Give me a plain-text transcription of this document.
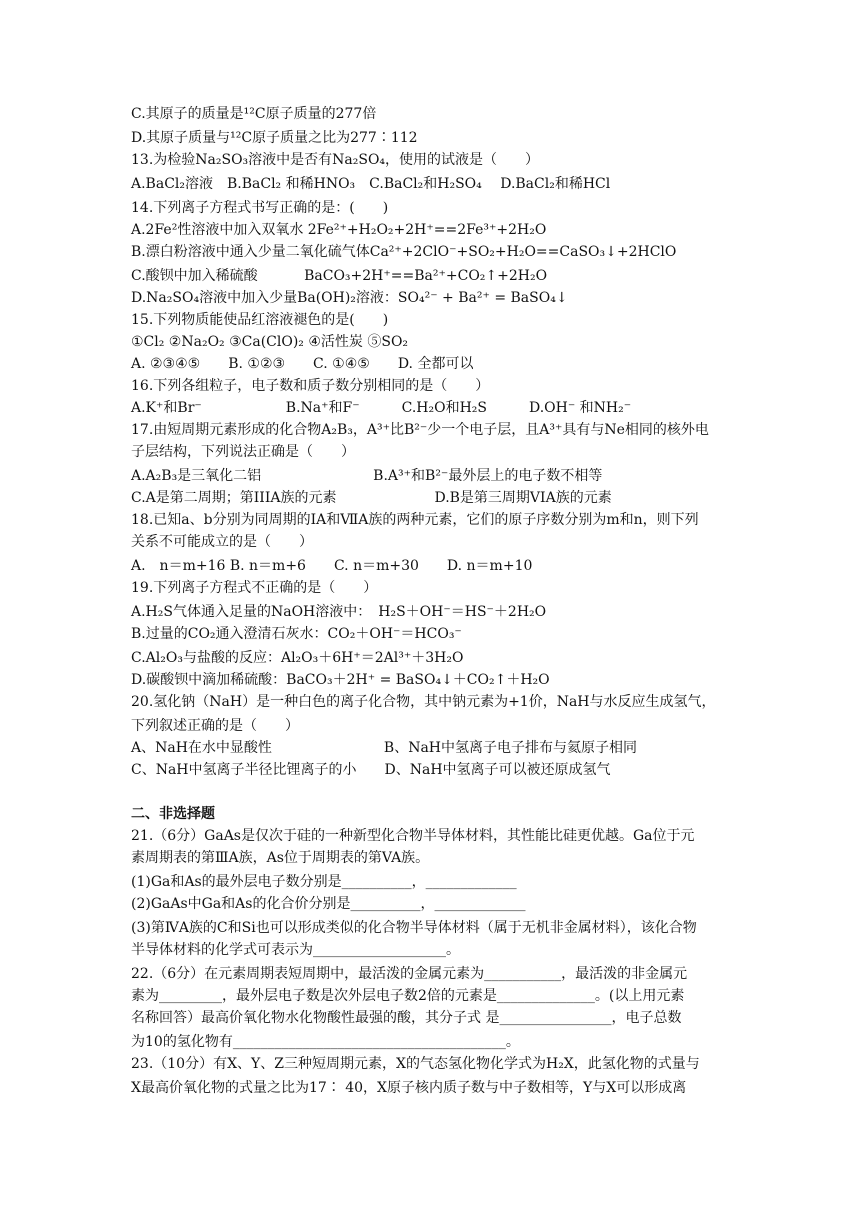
C.其原子的质量是¹²C原子质量的277倍
D.其原子质量与¹²C原子质量之比为277∶112
13.为检验Na₂SO₃溶液中是否有Na₂SO₄，使用的试液是（　　）
A.BaCl₂溶液　B.BaCl₂ 和稀HNO₃　C.BaCl₂和H₂SO₄　 D.BaCl₂和稀HCl
14.下列离子方程式书写正确的是：(　　)
A.2Fe²性溶液中加入双氧水 2Fe²⁺+H₂O₂+2H⁺==2Fe³⁺+2H₂O
B.漂白粉溶液中通入少量二氧化硫气体Ca²⁺+2ClO⁻+SO₂+H₂O==CaSO₃↓+2HClO
C.酸钡中加入稀硫酸　　　 BaCO₃+2H⁺==Ba²⁺+CO₂↑+2H₂O
D.Na₂SO₄溶液中加入少量Ba(OH)₂溶液：SO₄²⁻ + Ba²⁺ = BaSO₄↓
15.下列物质能使品红溶液褪色的是(　　)
①Cl₂ ②Na₂O₂ ③Ca(ClO)₂ ④活性炭 ⑤SO₂
A. ②③④⑤　　B. ①②③　　C. ①④⑤　　D. 全都可以
16.下列各组粒子，电子数和质子数分别相同的是（　　）
A.K⁺和Br⁻　　　　　　B.Na⁺和F⁻　　　C.H₂O和H₂S　　　D.OH⁻ 和NH₂⁻
17.由短周期元素形成的化合物A₂B₃，A³⁺比B²⁻少一个电子层，且A³⁺具有与Ne相同的核外电
子层结构，下列说法正确是（　　）
A.A₂B₃是三氧化二铝　　　　　　　　B.A³⁺和B²⁻最外层上的电子数不相等
C.A是第二周期；第IIIA族的元素　　　　　　　D.B是第三周期VIA族的元素
18.已知a、b分别为同周期的ⅠA和ⅦA族的两种元素，它们的原子序数分别为m和n，则下列
关系不可能成立的是（　　）
A.　n＝m+16 B. n＝m+6　　C. n＝m+30　　D. n＝m+10
19.下列离子方程式不正确的是（　　）
A.H₂S气体通入足量的NaOH溶液中：　H₂S＋OH⁻＝HS⁻＋2H₂O
B.过量的CO₂通入澄清石灰水：CO₂＋OH⁻＝HCO₃⁻
C.Al₂O₃与盐酸的反应：Al₂O₃＋6H⁺＝2Al³⁺＋3H₂O
D.碳酸钡中滴加稀硫酸：BaCO₃＋2H⁺ = BaSO₄↓＋CO₂↑＋H₂O
20.氢化钠（NaH）是一种白色的离子化合物，其中钠元素为+1价，NaH与水反应生成氢气，
下列叙述正确的是（　　）
A、NaH在水中显酸性　　　　　　　　B、NaH中氢离子电子排布与氦原子相同
C、NaH中氢离子半径比锂离子的小　　D、NaH中氢离子可以被还原成氢气
二、非选择题
21.（6分）GaAs是仅次于硅的一种新型化合物半导体材料，其性能比硅更优越。Ga位于元
素周期表的第ⅢA族，As位于周期表的第VA族。
(1)Ga和As的最外层电子数分别是__________，_____________
(2)GaAs中Ga和As的化合价分别是__________，_____________
(3)第ⅣA族的C和Si也可以形成类似的化合物半导体材料（属于无机非金属材料），该化合物
半导体材料的化学式可表示为___________________。
22.（6分）在元素周期表短周期中，最活泼的金属元素为___________，最活泼的非金属元
素为_________，最外层电子数是次外层电子数2倍的元素是______________。(以上用元素
名称回答）最高价氧化物水化物酸性最强的酸，其分子式 是________________，电子总数
为10的氢化物有_______________________________________。
23.（10分）有X、Y、Z三种短周期元素，X的气态氢化物化学式为H₂X，此氢化物的式量与
X最高价氧化物的式量之比为17∶ 40，X原子核内质子数与中子数相等，Y与X可以形成离
